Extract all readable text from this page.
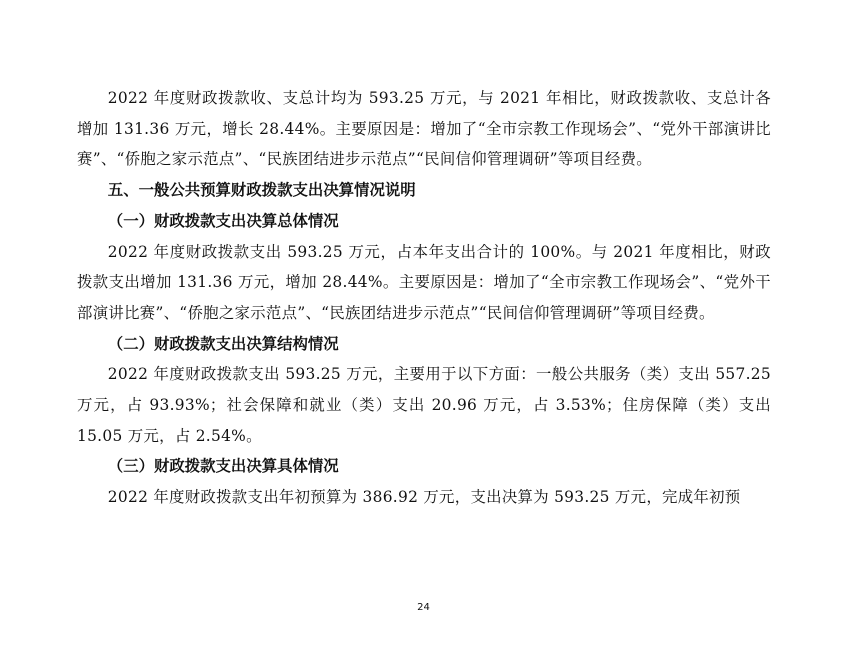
2022 年度财政拨款收、支总计均为 593.25 万元，与 2021 年相比，财政拨款收、支总计各增加 131.36 万元，增长 28.44%。主要原因是：增加了“全市宗教工作现场会”、“党外干部演讲比赛”、“侨胞之家示范点”、“民族团结进步示范点”“民间信仰管理调研”等项目经费。

五、一般公共预算财政拨款支出决算情况说明

（一）财政拨款支出决算总体情况

2022 年度财政拨款支出 593.25 万元，占本年支出合计的 100%。与 2021 年度相比，财政拨款支出增加 131.36 万元，增加 28.44%。主要原因是：增加了“全市宗教工作现场会”、“党外干部演讲比赛”、“侨胞之家示范点”、“民族团结进步示范点”“民间信仰管理调研”等项目经费。

（二）财政拨款支出决算结构情况

2022 年度财政拨款支出 593.25 万元，主要用于以下方面：一般公共服务（类）支出 557.25 万元，占 93.93%；社会保障和就业（类）支出 20.96 万元，占 3.53%；住房保障（类）支出 15.05 万元，占 2.54%。

（三）财政拨款支出决算具体情况

2022 年度财政拨款支出年初预算为 386.92 万元，支出决算为 593.25 万元，完成年初预

24
